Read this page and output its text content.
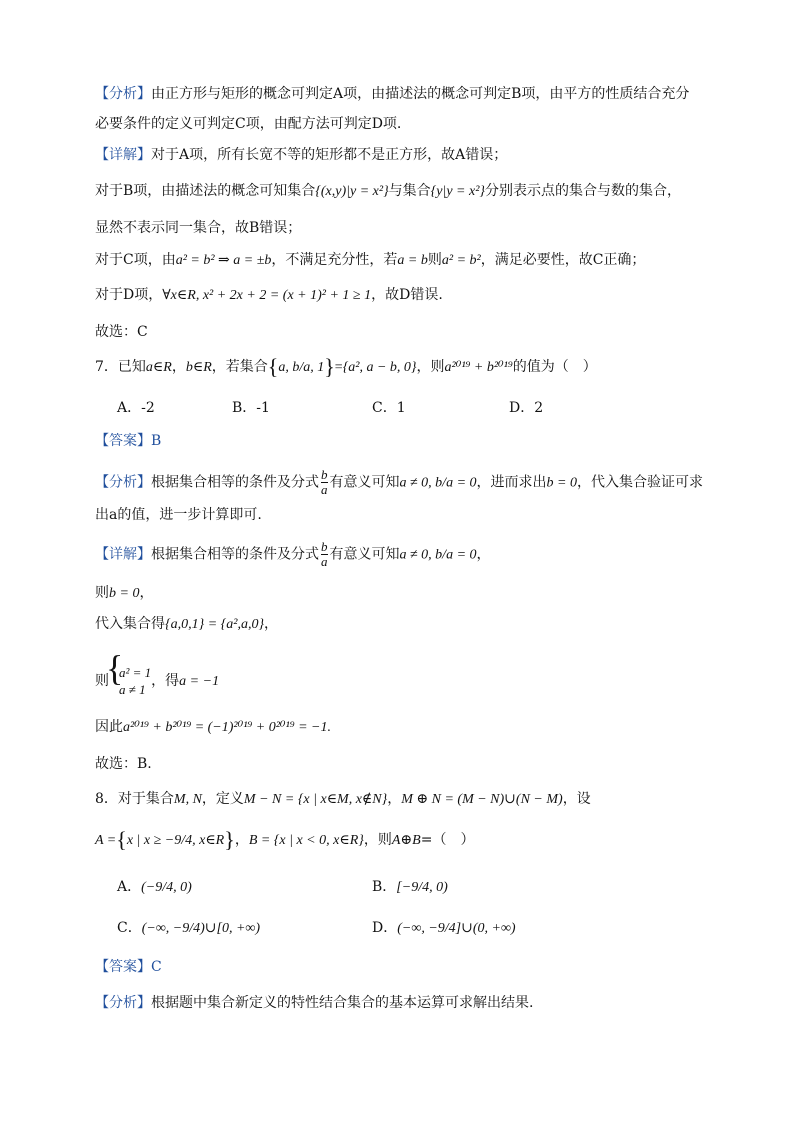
【分析】由正方形与矩形的概念可判定A项，由描述法的概念可判定B项，由平方的性质结合充分
必要条件的定义可判定C项，由配方法可判定D项.
【详解】对于A项，所有长宽不等的矩形都不是正方形，故A错误；
对于B项，由描述法的概念可知集合{(x,y)|y = x²}与集合{y|y = x²}分别表示点的集合与数的集合，
显然不表示同一集合，故B错误；
对于C项，由a² = b² ⇒ a = ±b，不满足充分性，若a = b则a² = b²，满足必要性，故C正确；
对于D项，∀x∈R, x² + 2x + 2 = (x + 1)² + 1 ≥ 1，故D错误.
故选：C
7．已知a∈R，b∈R，若集合{a, b/a, 1}={a², a − b, 0}，则a²⁰¹⁹ + b²⁰¹⁹的值为（　）
A．-2	B．-1	C．1	D．2
【答案】B
【分析】根据集合相等的条件及分式 $\frac{b}{a}$ 有意义可知a ≠ 0, b/a = 0，进而求出b = 0，代入集合验证可求
出a的值，进一步计算即可.
【详解】根据集合相等的条件及分式 $\frac{b}{a}$ 有意义可知a ≠ 0, b/a = 0，
则b = 0，
代入集合得{a,0,1} = {a²,a,0}，
则
{ a² = 1
a ≠ 1
，得a = −1
因此a²⁰¹⁹ + b²⁰¹⁹ = (−1)²⁰¹⁹ + 0²⁰¹⁹ = −1.
故选：B.
8．对于集合M, N，定义M − N = {x | x∈M, x∉N}，M ⊕ N = (M − N)∪(N − M)，设
A ={x | x ≥ −9/4, x∈R}，B = {x | x < 0, x∈R}，则A⊕B=（　）
A．(−9/4, 0)	B．[−9/4, 0)
C．(−∞, −9/4)∪[0, +∞)	D．(−∞, −9/4]∪(0, +∞)
【答案】C
【分析】根据题中集合新定义的特性结合集合的基本运算可求解出结果.
